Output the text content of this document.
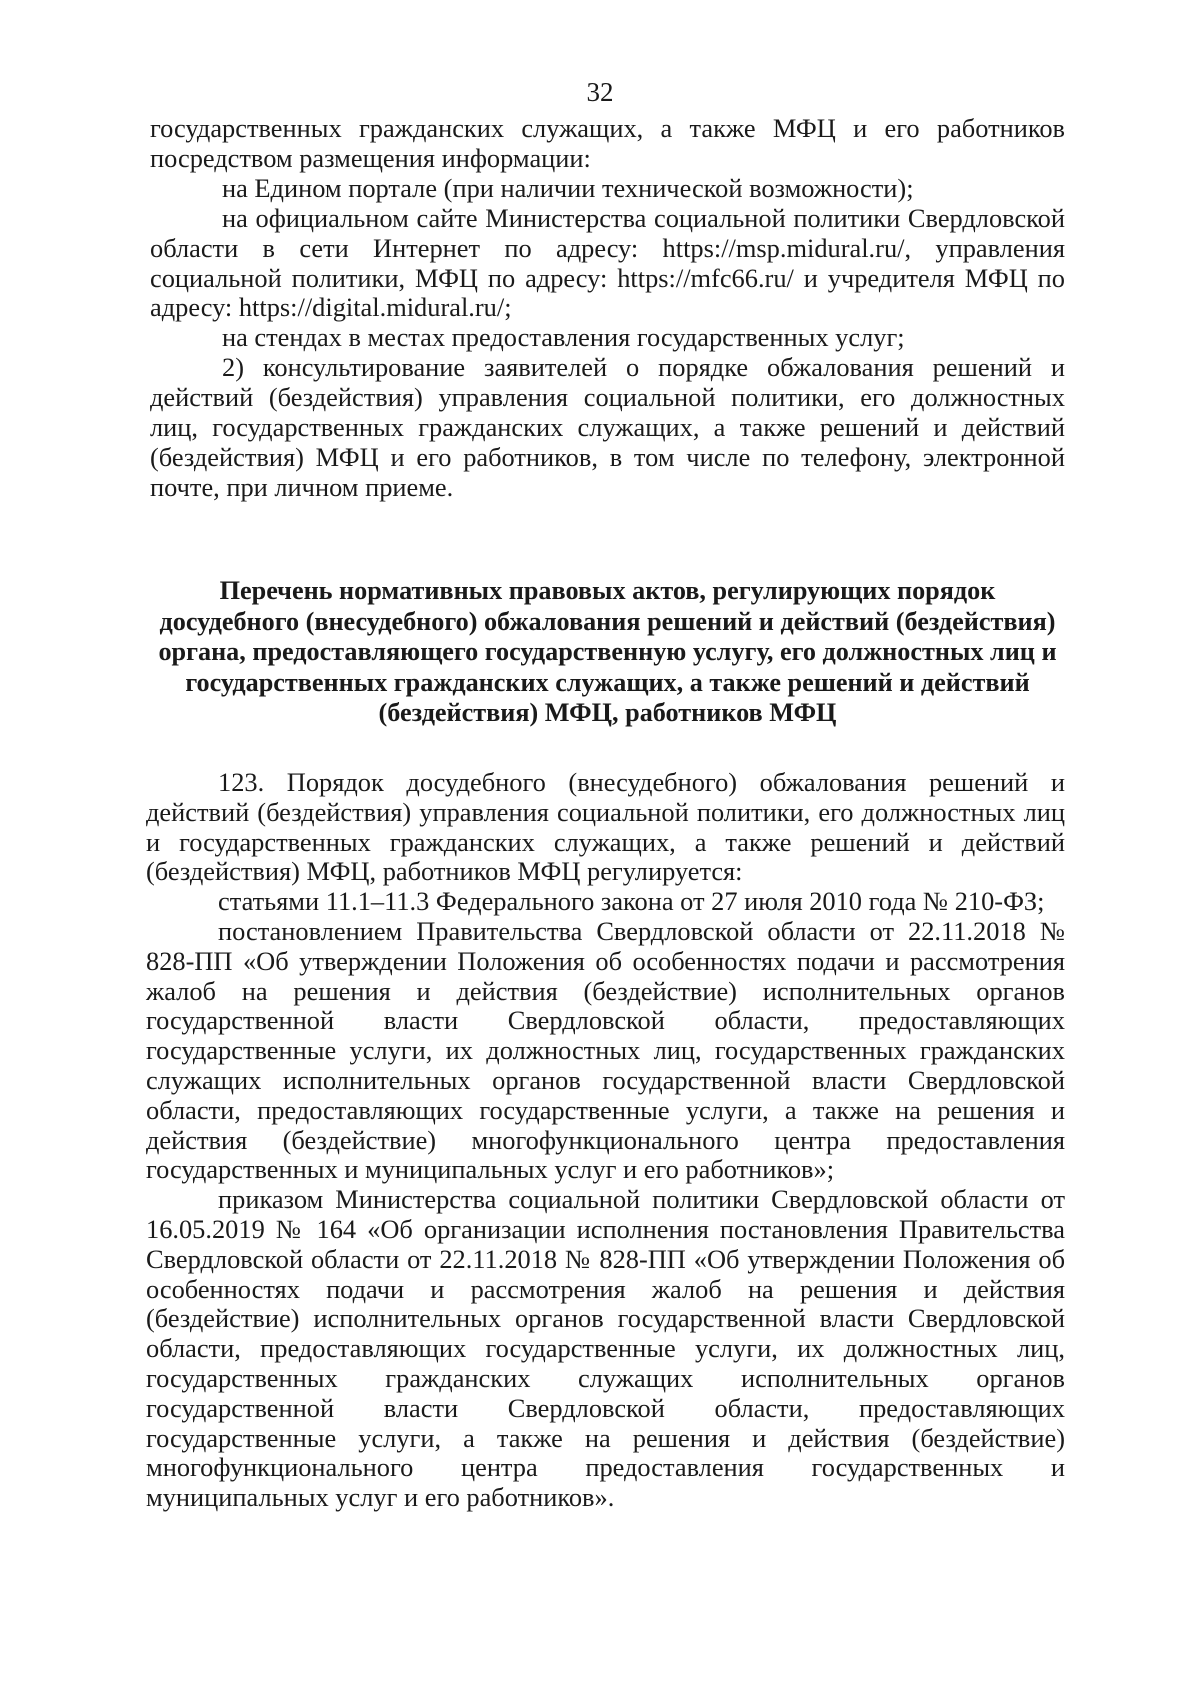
32

государственных гражданских служащих, а также МФЦ и его работников посредством размещения информации:

на Едином портале (при наличии технической возможности);

на официальном сайте Министерства социальной политики Свердловской области в сети Интернет по адресу: https://msp.midural.ru/, управления социальной политики, МФЦ по адресу: https://mfc66.ru/ и учредителя МФЦ по адресу: https://digital.midural.ru/;

на стендах в местах предоставления государственных услуг;

2) консультирование заявителей о порядке обжалования решений и действий (бездействия) управления социальной политики, его должностных лиц, государственных гражданских служащих, а также решений и действий (бездействия) МФЦ и его работников, в том числе по телефону, электронной почте, при личном приеме.

Перечень нормативных правовых актов, регулирующих порядок досудебного (внесудебного) обжалования решений и действий (бездействия) органа, предоставляющего государственную услугу, его должностных лиц и государственных гражданских служащих, а также решений и действий (бездействия) МФЦ, работников МФЦ

123. Порядок досудебного (внесудебного) обжалования решений и действий (бездействия) управления социальной политики, его должностных лиц и государственных гражданских служащих, а также решений и действий (бездействия) МФЦ, работников МФЦ регулируется:

статьями 11.1–11.3 Федерального закона от 27 июля 2010 года № 210-ФЗ;

постановлением Правительства Свердловской области от 22.11.2018 № 828-ПП «Об утверждении Положения об особенностях подачи и рассмотрения жалоб на решения и действия (бездействие) исполнительных органов государственной власти Свердловской области, предоставляющих государственные услуги, их должностных лиц, государственных гражданских служащих исполнительных органов государственной власти Свердловской области, предоставляющих государственные услуги, а также на решения и действия (бездействие) многофункционального центра предоставления государственных и муниципальных услуг и его работников»;

приказом Министерства социальной политики Свердловской области от 16.05.2019 № 164 «Об организации исполнения постановления Правительства Свердловской области от 22.11.2018 № 828-ПП «Об утверждении Положения об особенностях подачи и рассмотрения жалоб на решения и действия (бездействие) исполнительных органов государственной власти Свердловской области, предоставляющих государственные услуги, их должностных лиц, государственных гражданских служащих исполнительных органов государственной власти Свердловской области, предоставляющих государственные услуги, а также на решения и действия (бездействие) многофункционального центра предоставления государственных и муниципальных услуг и его работников».
